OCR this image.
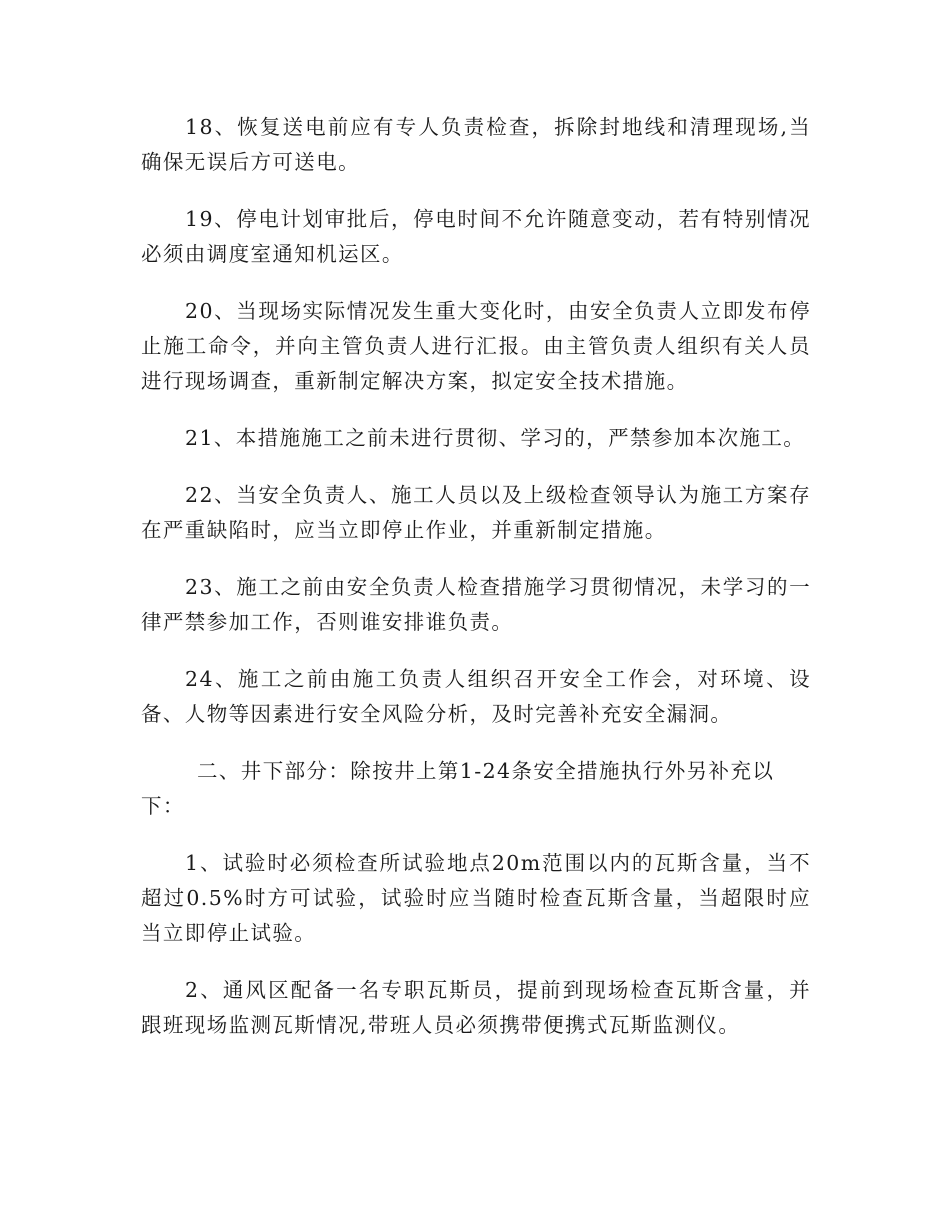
18、恢复送电前应有专人负责检查，拆除封地线和清理现场,当确保无误后方可送电。

19、停电计划审批后，停电时间不允许随意变动，若有特别情况必须由调度室通知机运区。

20、当现场实际情况发生重大变化时，由安全负责人立即发布停止施工命令，并向主管负责人进行汇报。由主管负责人组织有关人员进行现场调查，重新制定解决方案，拟定安全技术措施。

21、本措施施工之前未进行贯彻、学习的，严禁参加本次施工。

22、当安全负责人、施工人员以及上级检查领导认为施工方案存在严重缺陷时，应当立即停止作业，并重新制定措施。

23、施工之前由安全负责人检查措施学习贯彻情况，未学习的一律严禁参加工作，否则谁安排谁负责。

24、施工之前由施工负责人组织召开安全工作会，对环境、设备、人物等因素进行安全风险分析，及时完善补充安全漏洞。

二、井下部分：除按井上第1-24条安全措施执行外另补充以下：

1、试验时必须检查所试验地点20m范围以内的瓦斯含量，当不超过0.5%时方可试验，试验时应当随时检查瓦斯含量，当超限时应当立即停止试验。

2、通风区配备一名专职瓦斯员，提前到现场检查瓦斯含量，并跟班现场监测瓦斯情况,带班人员必须携带便携式瓦斯监测仪。
